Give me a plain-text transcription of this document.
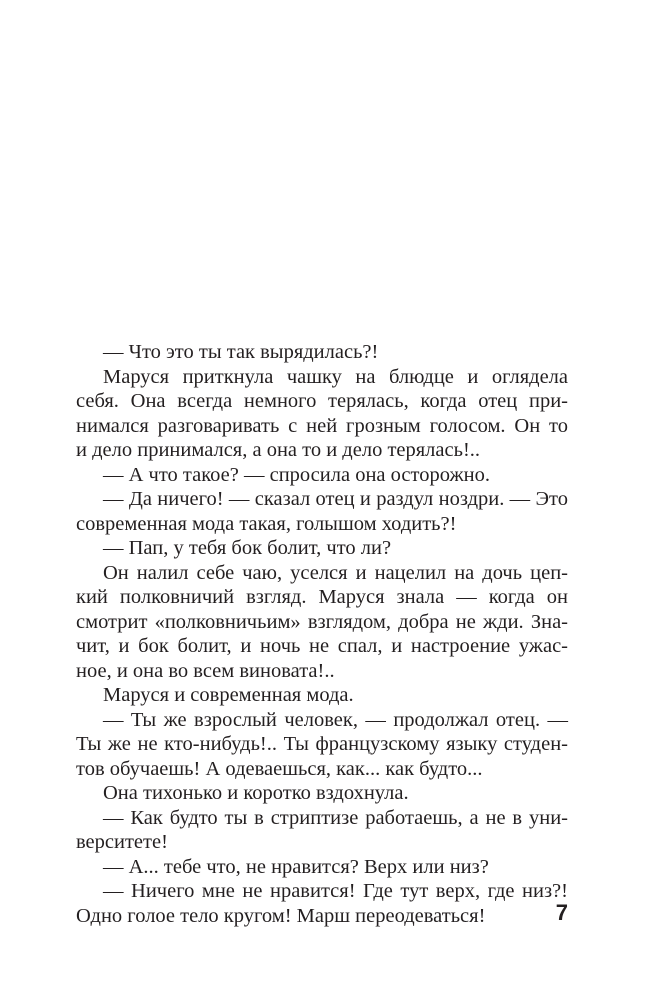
— Что это ты так вырядилась?!
Маруся приткнула чашку на блюдце и оглядела
себя. Она всегда немного терялась, когда отец при-
нимался разговаривать с ней грозным голосом. Он то
и дело принимался, а она то и дело терялась!..
— А что такое? — спросила она осторожно.
— Да ничего! — сказал отец и раздул ноздри. — Это
современная мода такая, голышом ходить?!
— Пап, у тебя бок болит, что ли?
Он налил себе чаю, уселся и нацелил на дочь цеп-
кий полковничий взгляд. Маруся знала — когда он
смотрит «полковничьим» взглядом, добра не жди. Зна-
чит, и бок болит, и ночь не спал, и настроение ужас-
ное, и она во всем виновата!..
Маруся и современная мода.
— Ты же взрослый человек, — продолжал отец. —
Ты же не кто-нибудь!.. Ты французскому языку студен-
тов обучаешь! А одеваешься, как... как будто...
Она тихонько и коротко вздохнула.
— Как будто ты в стриптизе работаешь, а не в уни-
верситете!
— А... тебе что, не нравится? Верх или низ?
— Ничего мне не нравится! Где тут верх, где низ?!
Одно голое тело кругом! Марш переодеваться!	7
